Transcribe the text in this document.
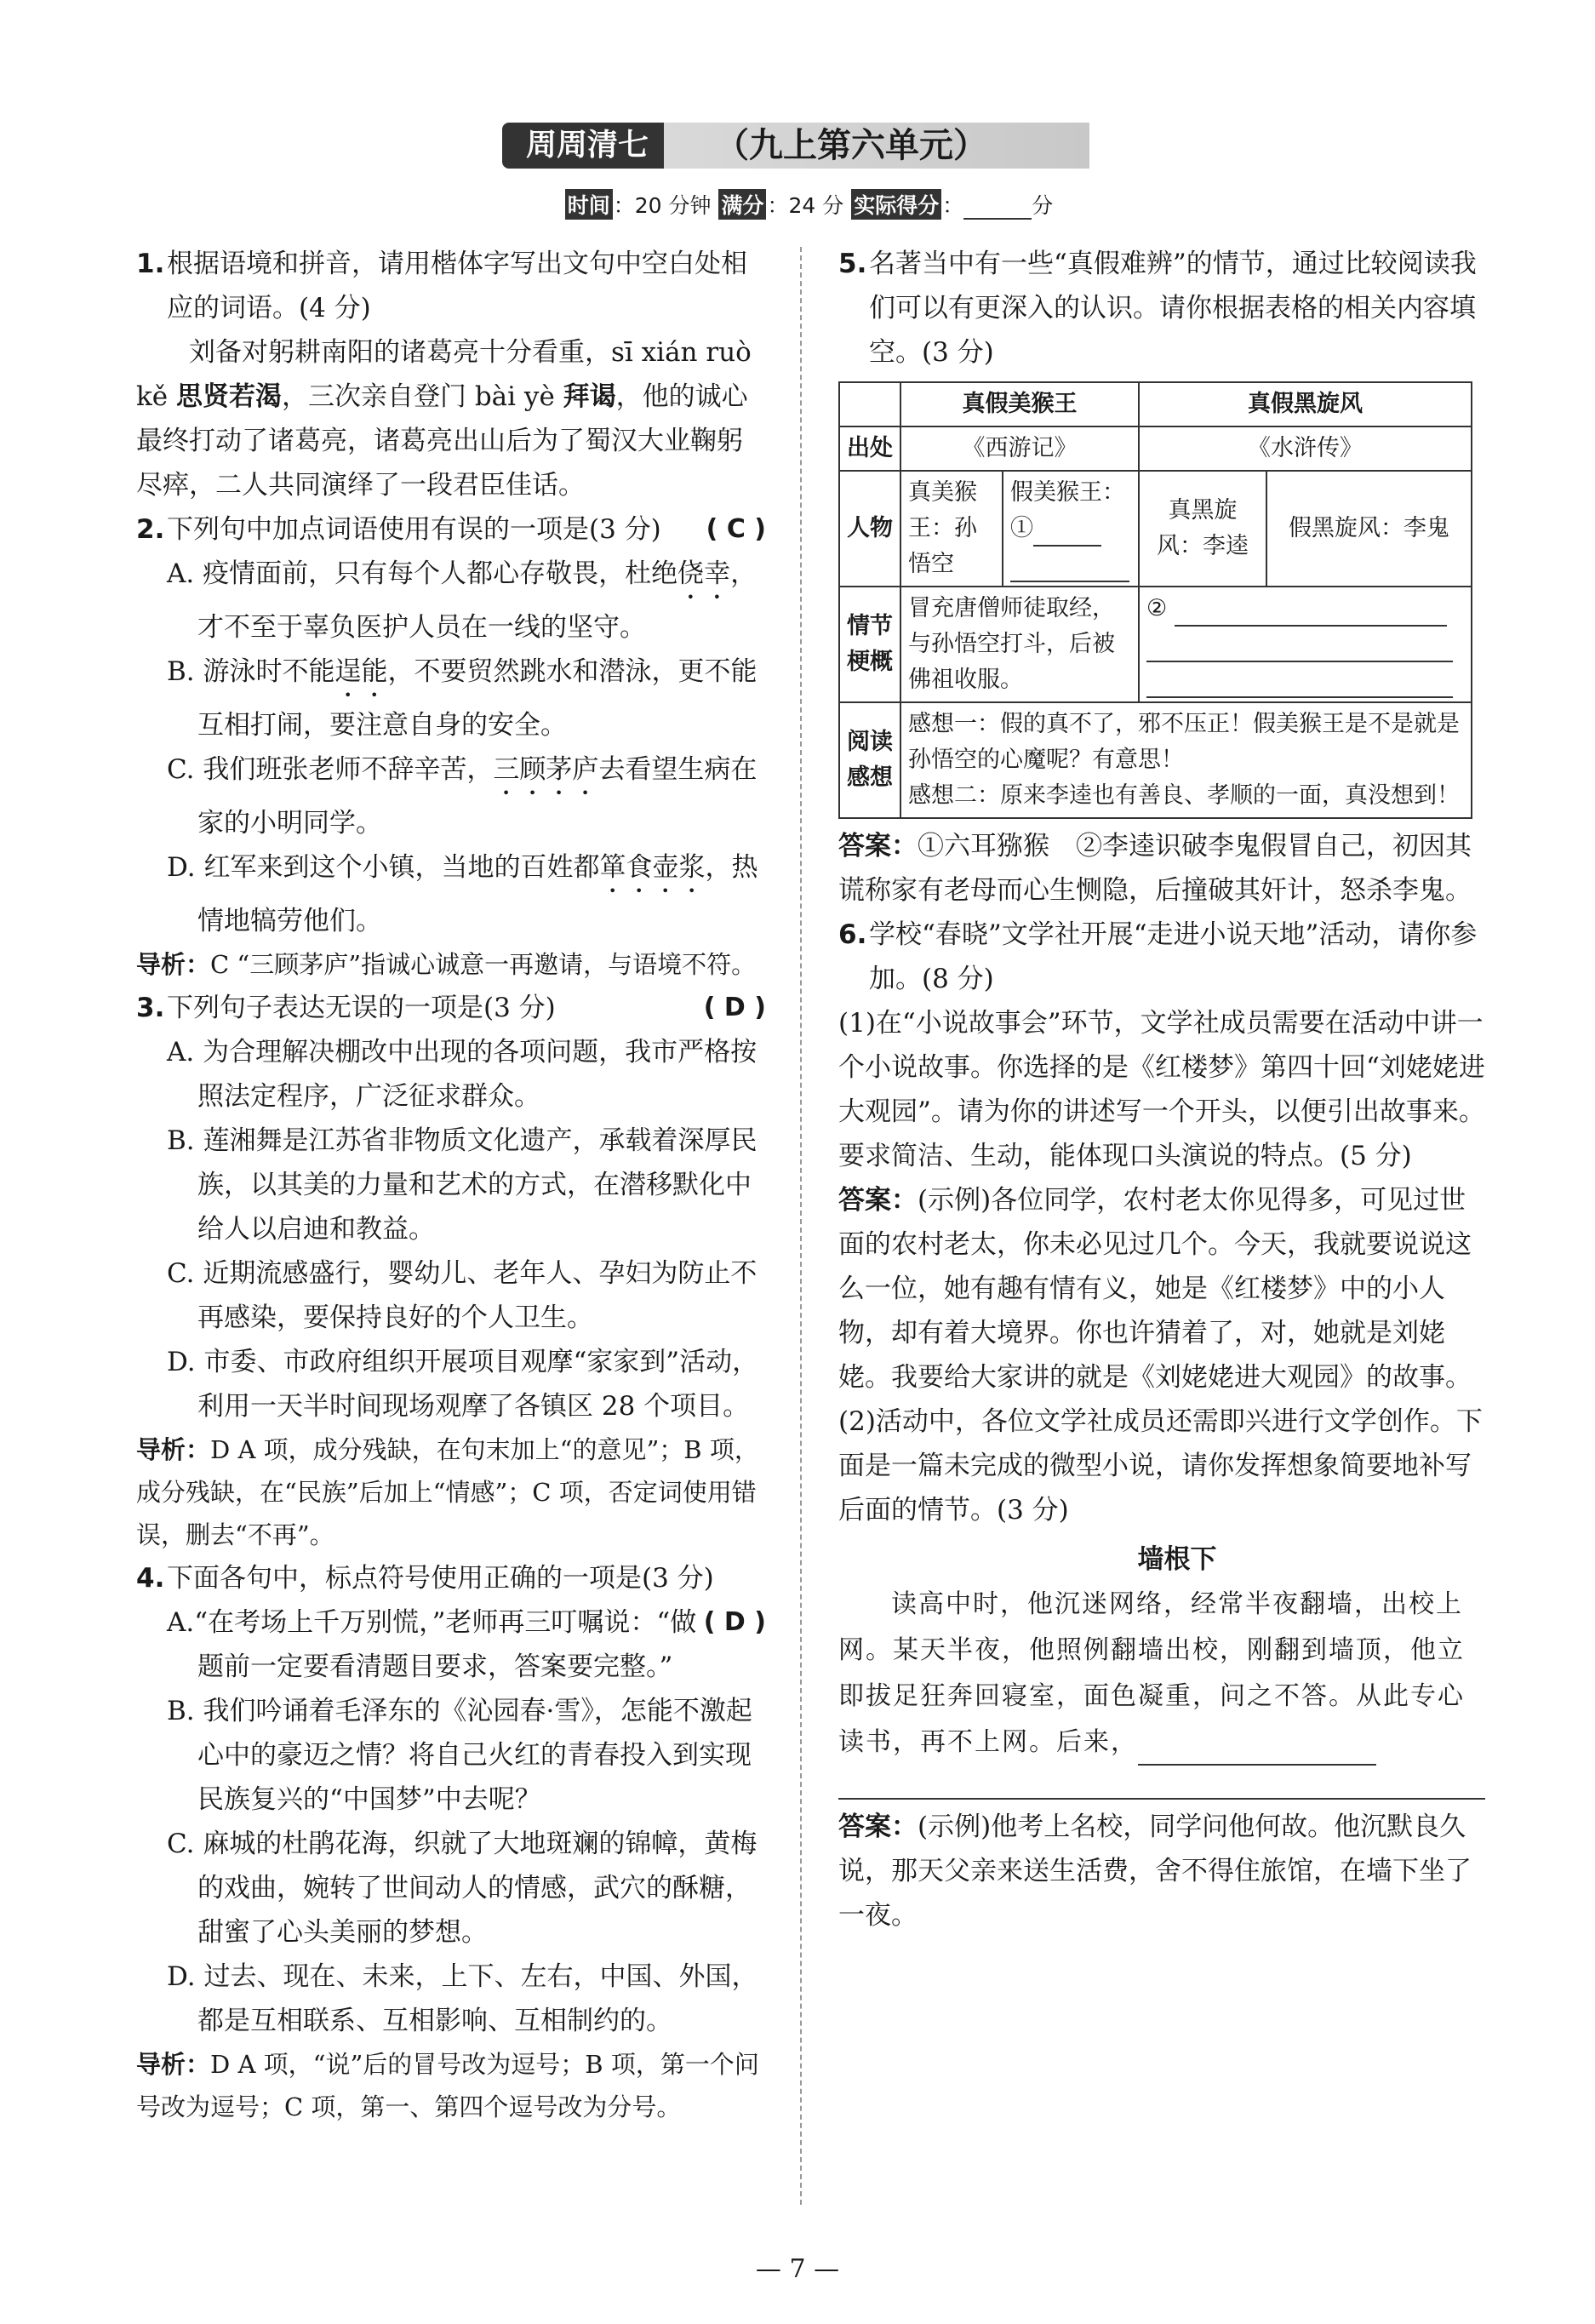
周周清七	（九上第六单元）
时间 ：20 分钟 满分 ：24 分 实际得分 ：	分
1. 根据语境和拼音，请用楷体字写出文句中空白处相应的词语。(4 分)
刘备对躬耕南阳的诸葛亮十分看重，sī xián ruò kě 思贤若渴，三次亲自登门 bài yè 拜谒，他的诚心最终打动了诸葛亮，诸葛亮出山后为了蜀汉大业鞠躬尽瘁，二人共同演绎了一段君臣佳话。
2. 下列句中加点词语使用有误的一项是(3 分) ( C )
A. 疫情面前，只有每个人都心存敬畏，杜绝侥幸，才不至于辜负医护人员在一线的坚守。
B. 游泳时不能逞能，不要贸然跳水和潜泳，更不能互相打闹，要注意自身的安全。
C. 我们班张老师不辞辛苦，三顾茅庐去看望生病在家的小明同学。
D. 红军来到这个小镇，当地的百姓都箪食壶浆，热情地犒劳他们。
导析：C “三顾茅庐”指诚心诚意一再邀请，与语境不符。
3. 下列句子表达无误的一项是(3 分)	( D )
A. 为合理解决棚改中出现的各项问题，我市严格按照法定程序，广泛征求群众。
B. 莲湘舞是江苏省非物质文化遗产，承载着深厚民族，以其美的力量和艺术的方式，在潜移默化中给人以启迪和教益。
C. 近期流感盛行，婴幼儿、老年人、孕妇为防止不再感染，要保持良好的个人卫生。
D. 市委、市政府组织开展项目观摩“家家到”活动，利用一天半时间现场观摩了各镇区 28 个项目。
导析：D A 项，成分残缺，在句末加上“的意见”；B 项，成分残缺，在“民族”后加上“情感”；C 项，否定词使用错误，删去“不再”。
4. 下面各句中，标点符号使用正确的一项是(3 分)
( D )
A.“在考场上千万别慌，”老师再三叮嘱说：“做题前一定要看清题目要求，答案要完整。”
B. 我们吟诵着毛泽东的《沁园春·雪》，怎能不激起心中的豪迈之情？将自己火红的青春投入到实现民族复兴的“中国梦”中去呢？
C. 麻城的杜鹃花海，织就了大地斑斓的锦幛，黄梅的戏曲，婉转了世间动人的情感，武穴的酥糖，甜蜜了心头美丽的梦想。
D. 过去、现在、未来，上下、左右，中国、外国，都是互相联系、互相影响、互相制约的。
导析：D A 项，“说”后的冒号改为逗号；B 项，第一个问号改为逗号；C 项，第一、第四个逗号改为分号。
5. 名著当中有一些“真假难辨”的情节，通过比较阅读我们可以有更深入的认识。请你根据表格的相关内容填空。(3 分)
	真假美猴王		真假黑旋风	
出处	《西游记》		《水浒传》	
人物	真美猴王：孙悟空	假美猴王：①	真黑旋风：李逵	假黑旋风：李鬼
情节梗概	冒充唐僧师徒取经，与孙悟空打斗，后被佛祖收服。		②	

阅读感想	感想一：假的真不了，邪不压正！假美猴王是不是就是孙悟空的心魔呢？有意思！
感想二：原来李逵也有善良、孝顺的一面，真没想到！			
答案：①六耳猕猴　②李逵识破李鬼假冒自己，初因其谎称家有老母而心生恻隐，后撞破其奸计，怒杀李鬼。
6. 学校“春晓”文学社开展“走进小说天地”活动，请你参加。(8 分)
(1)在“小说故事会”环节，文学社成员需要在活动中讲一个小说故事。你选择的是《红楼梦》第四十回“刘姥姥进大观园”。请为你的讲述写一个开头，以便引出故事来。要求简洁、生动，能体现口头演说的特点。(5 分)
答案：(示例)各位同学，农村老太你见得多，可见过世面的农村老太，你未必见过几个。今天，我就要说说这么一位，她有趣有情有义，她是《红楼梦》中的小人物，却有着大境界。你也许猜着了，对，她就是刘姥姥。我要给大家讲的就是《刘姥姥进大观园》的故事。
(2)活动中，各位文学社成员还需即兴进行文学创作。下面是一篇未完成的微型小说，请你发挥想象简要地补写后面的情节。(3 分)
墙根下
读高中时，他沉迷网络，经常半夜翻墙，出校上网。某天半夜，他照例翻墙出校，刚翻到墙顶，他立即拔足狂奔回寝室，面色凝重，问之不答。从此专心读书，再不上网。后来，
答案：(示例)他考上名校，同学问他何故。他沉默良久说，那天父亲来送生活费，舍不得住旅馆，在墙下坐了一夜。
— 7 —
